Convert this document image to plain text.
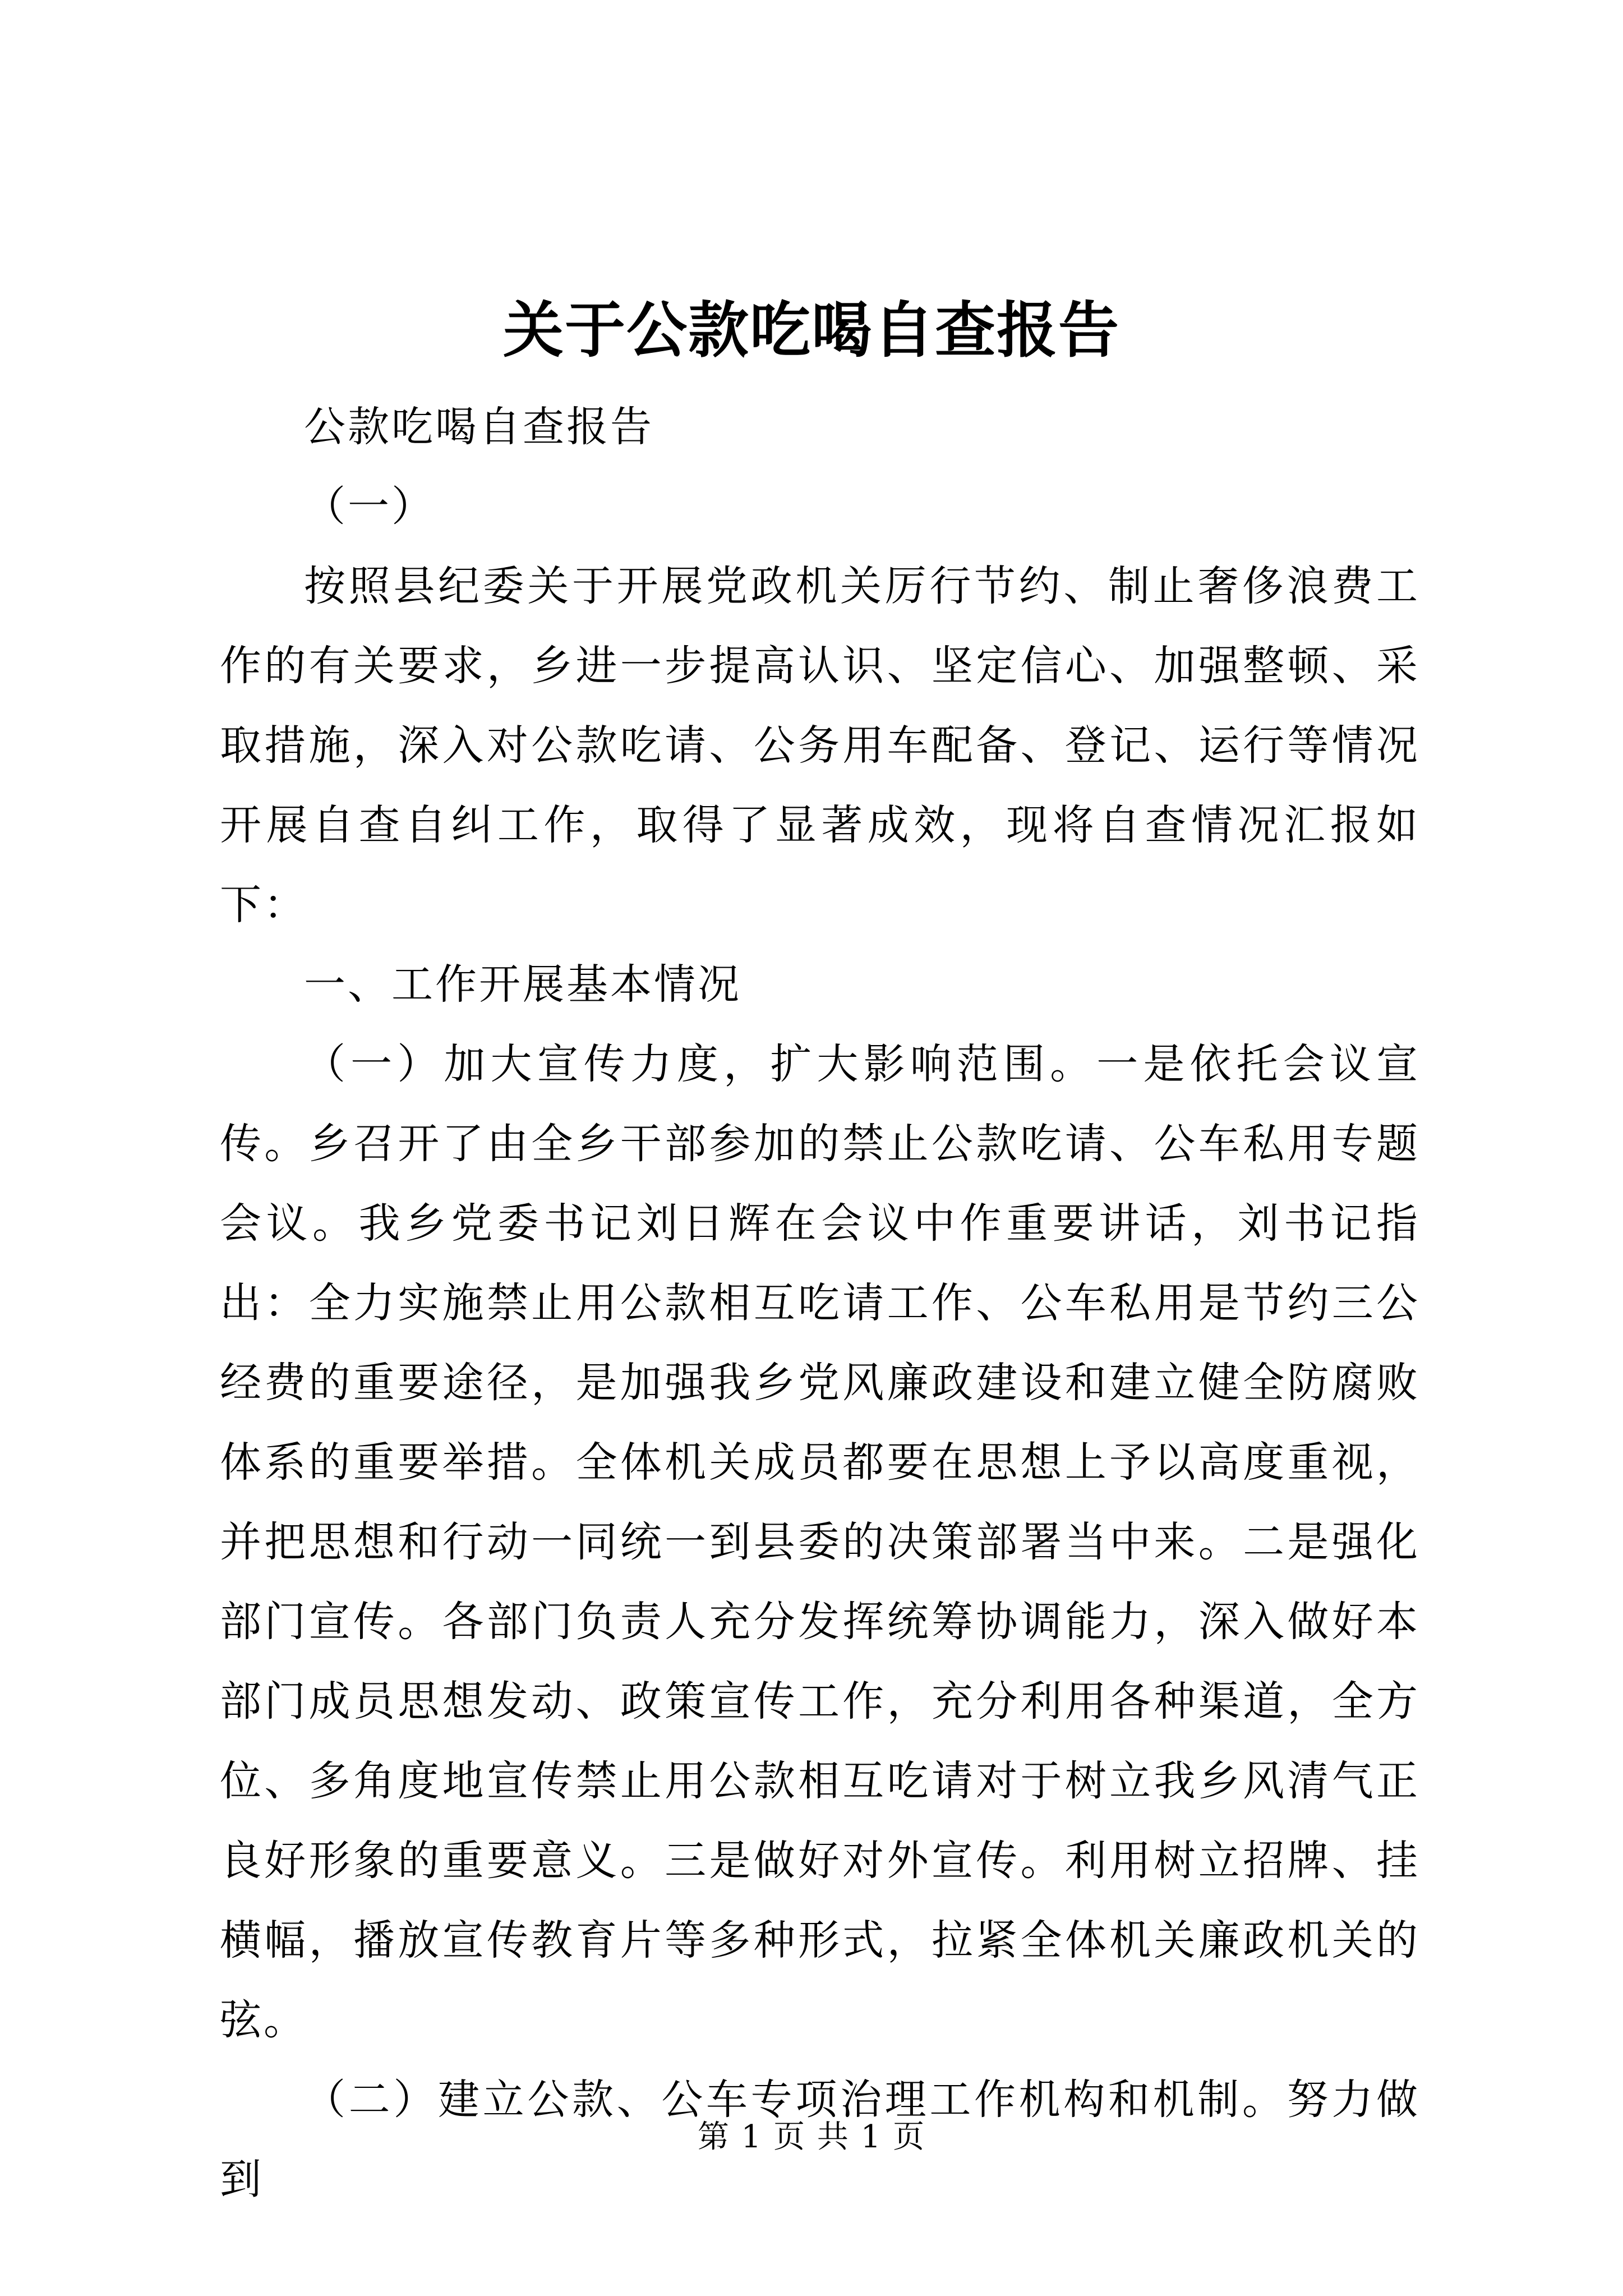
关于公款吃喝自查报告

公款吃喝自查报告

（一）

按照县纪委关于开展党政机关厉行节约、制止奢侈浪费工作的有关要求，乡进一步提高认识、坚定信心、加强整顿、采取措施，深入对公款吃请、公务用车配备、登记、运行等情况开展自查自纠工作，取得了显著成效，现将自查情况汇报如下：

一、工作开展基本情况

（一）加大宣传力度，扩大影响范围。一是依托会议宣传。乡召开了由全乡干部参加的禁止公款吃请、公车私用专题会议。我乡党委书记刘日辉在会议中作重要讲话，刘书记指出：全力实施禁止用公款相互吃请工作、公车私用是节约三公经费的重要途径，是加强我乡党风廉政建设和建立健全防腐败体系的重要举措。全体机关成员都要在思想上予以高度重视，并把思想和行动一同统一到县委的决策部署当中来。二是强化部门宣传。各部门负责人充分发挥统筹协调能力，深入做好本部门成员思想发动、政策宣传工作，充分利用各种渠道，全方位、多角度地宣传禁止用公款相互吃请对于树立我乡风清气正良好形象的重要意义。三是做好对外宣传。利用树立招牌、挂横幅，播放宣传教育片等多种形式，拉紧全体机关廉政机关的弦。

（二）建立公款、公车专项治理工作机构和机制。努力做到

第 1 页 共 1 页
